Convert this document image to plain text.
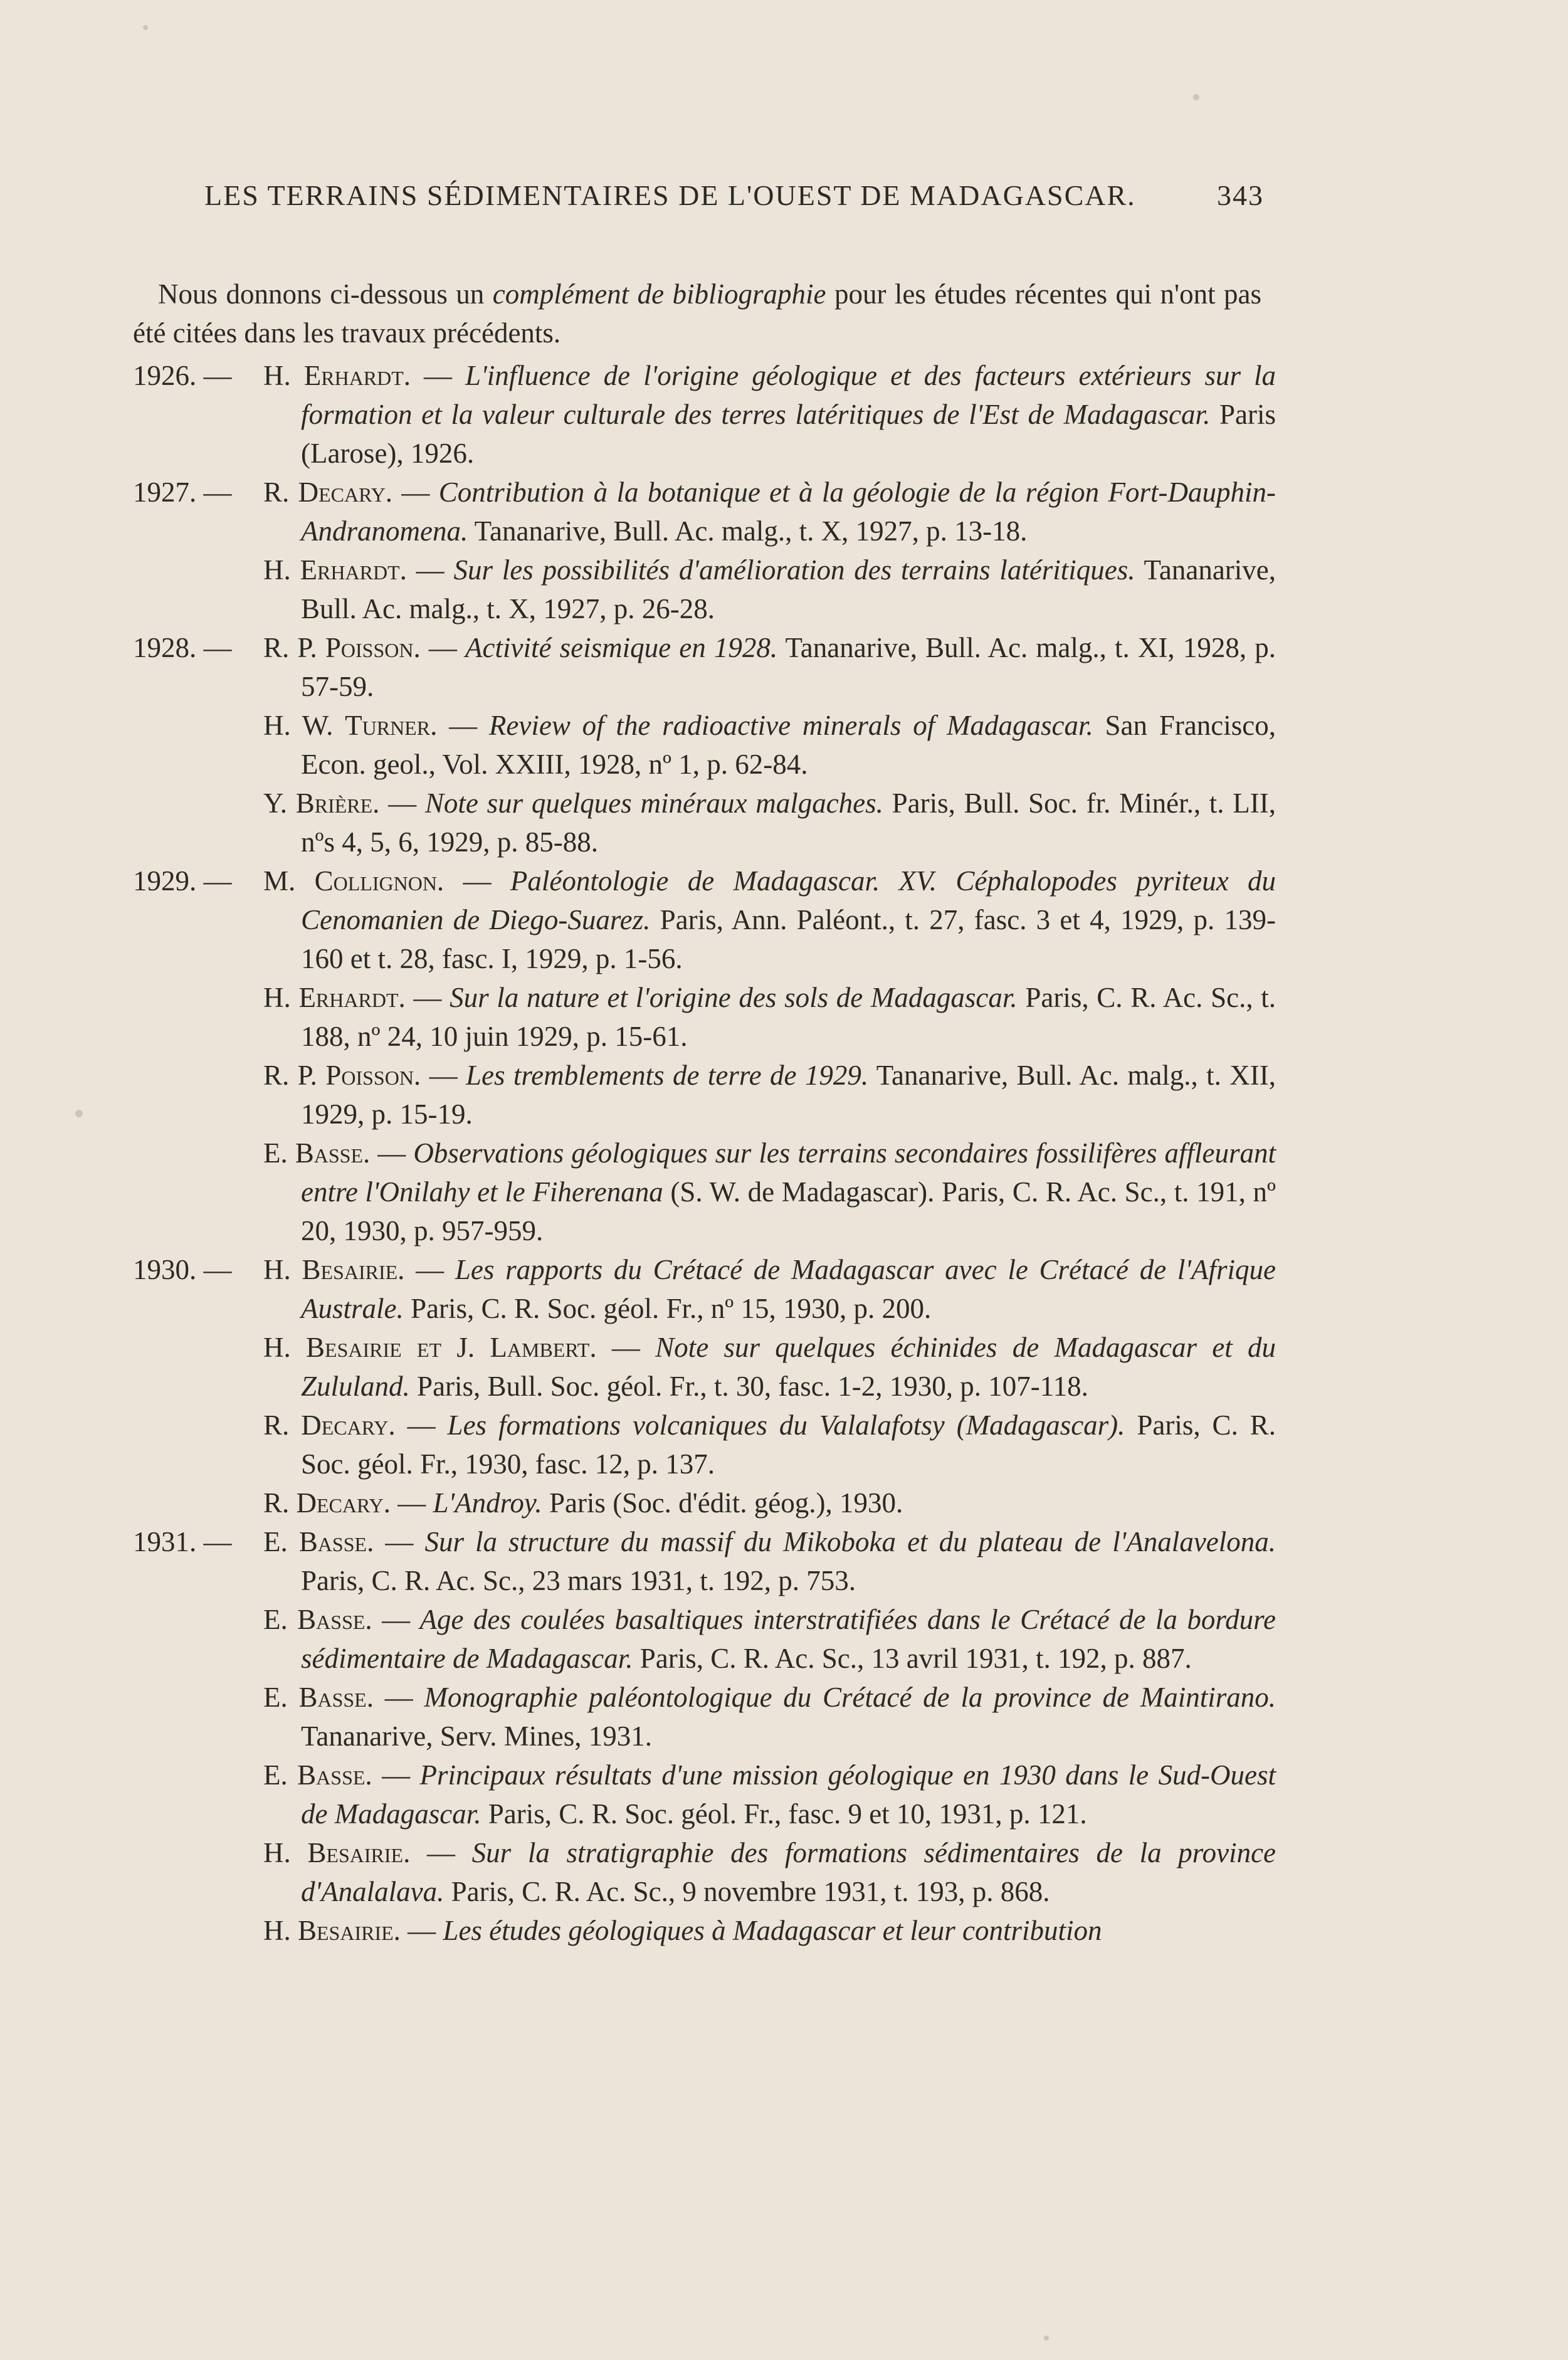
LES TERRAINS SÉDIMENTAIRES DE L'OUEST DE MADAGASCAR.	343

Nous donnons ci-dessous un complément de bibliographie pour les études récentes qui n'ont pas été citées dans les travaux précédents.

1926. —	H. Erhardt. — L'influence de l'origine géologique et des facteurs extérieurs sur la formation et la valeur culturale des terres latéritiques de l'Est de Madagascar. Paris (Larose), 1926.
1927. —	R. Decary. — Contribution à la botanique et à la géologie de la région Fort-Dauphin-Andranomena. Tananarive, Bull. Ac. malg., t. X, 1927, p. 13-18.
H. Erhardt. — Sur les possibilités d'amélioration des terrains latéritiques. Tananarive, Bull. Ac. malg., t. X, 1927, p. 26-28.
1928. —	R. P. Poisson. — Activité seismique en 1928. Tananarive, Bull. Ac. malg., t. XI, 1928, p. 57-59.
H. W. Turner. — Review of the radioactive minerals of Madagascar. San Francisco, Econ. geol., Vol. XXIII, 1928, nº 1, p. 62-84.
Y. Brière. — Note sur quelques minéraux malgaches. Paris, Bull. Soc. fr. Minér., t. LII, nºs 4, 5, 6, 1929, p. 85-88.
1929. —	M. Collignon. — Paléontologie de Madagascar. XV. Céphalopodes pyriteux du Cenomanien de Diego-Suarez. Paris, Ann. Paléont., t. 27, fasc. 3 et 4, 1929, p. 139-160 et t. 28, fasc. I, 1929, p. 1-56.
H. Erhardt. — Sur la nature et l'origine des sols de Madagascar. Paris, C. R. Ac. Sc., t. 188, nº 24, 10 juin 1929, p. 15-61.
R. P. Poisson. — Les tremblements de terre de 1929. Tananarive, Bull. Ac. malg., t. XII, 1929, p. 15-19.
E. Basse. — Observations géologiques sur les terrains secondaires fossilifères affleurant entre l'Onilahy et le Fiherenana (S. W. de Madagascar). Paris, C. R. Ac. Sc., t. 191, nº 20, 1930, p. 957-959.
1930. —	H. Besairie. — Les rapports du Crétacé de Madagascar avec le Crétacé de l'Afrique Australe. Paris, C. R. Soc. géol. Fr., nº 15, 1930, p. 200.
H. Besairie et J. Lambert. — Note sur quelques échinides de Madagascar et du Zululand. Paris, Bull. Soc. géol. Fr., t. 30, fasc. 1-2, 1930, p. 107-118.
R. Decary. — Les formations volcaniques du Valalafotsy (Madagascar). Paris, C. R. Soc. géol. Fr., 1930, fasc. 12, p. 137.
R. Decary. — L'Androy. Paris (Soc. d'édit. géog.), 1930.
1931. —	E. Basse. — Sur la structure du massif du Mikoboka et du plateau de l'Analavelona. Paris, C. R. Ac. Sc., 23 mars 1931, t. 192, p. 753.
E. Basse. — Age des coulées basaltiques interstratifiées dans le Crétacé de la bordure sédimentaire de Madagascar. Paris, C. R. Ac. Sc., 13 avril 1931, t. 192, p. 887.
E. Basse. — Monographie paléontologique du Crétacé de la province de Maintirano. Tananarive, Serv. Mines, 1931.
E. Basse. — Principaux résultats d'une mission géologique en 1930 dans le Sud-Ouest de Madagascar. Paris, C. R. Soc. géol. Fr., fasc. 9 et 10, 1931, p. 121.
H. Besairie. — Sur la stratigraphie des formations sédimentaires de la province d'Analalava. Paris, C. R. Ac. Sc., 9 novembre 1931, t. 193, p. 868.
H. Besairie. — Les études géologiques à Madagascar et leur contribution
